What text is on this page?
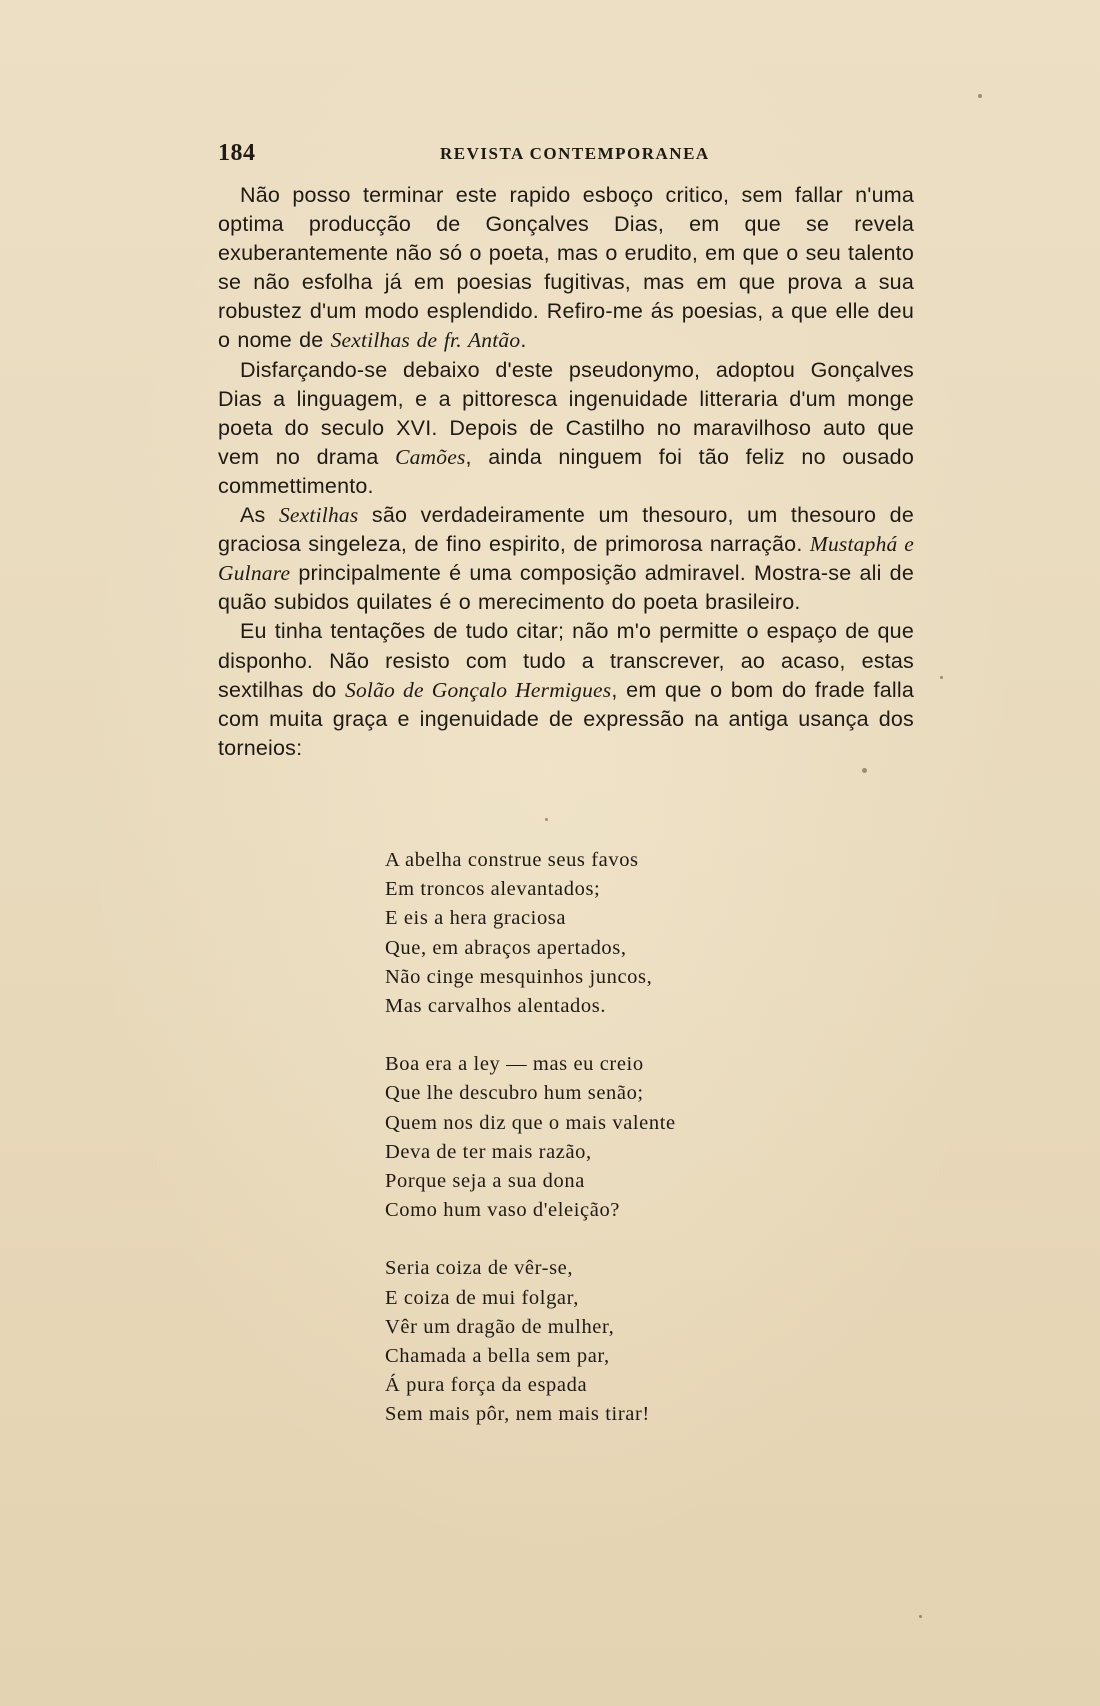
184	REVISTA CONTEMPORANEA

Não posso terminar este rapido esboço critico, sem fallar n'uma optima producção de Gonçalves Dias, em que se revela exuberantemente não só o poeta, mas o erudito, em que o seu talento se não esfolha já em poesias fugitivas, mas em que prova a sua robustez d'um modo esplendido. Refiro-me ás poesias, a que elle deu o nome de Sextilhas de fr. Antão.

Disfarçando-se debaixo d'este pseudonymo, adoptou Gonçalves Dias a linguagem, e a pittoresca ingenuidade litteraria d'um monge poeta do seculo XVI. Depois de Castilho no maravilhoso auto que vem no drama Camões, ainda ninguem foi tão feliz no ousado commettimento.

As Sextilhas são verdadeiramente um thesouro, um thesouro de graciosa singeleza, de fino espirito, de primorosa narração. Mustaphá e Gulnare principalmente é uma composição admiravel. Mostra-se ali de quão subidos quilates é o merecimento do poeta brasileiro.

Eu tinha tentações de tudo citar; não m'o permitte o espaço de que disponho. Não resisto com tudo a transcrever, ao acaso, estas sextilhas do Solão de Gonçalo Hermigues, em que o bom do frade falla com muita graça e ingenuidade de expressão na antiga usança dos torneios:

A abelha construe seus favos
Em troncos alevantados;
E eis a hera graciosa
Que, em abraços apertados,
Não cinge mesquinhos juncos,
Mas carvalhos alentados.
Boa era a ley — mas eu creio
Que lhe descubro hum senão;
Quem nos diz que o mais valente
Deva de ter mais razão,
Porque seja a sua dona
Como hum vaso d'eleição?
Seria coiza de vêr-se,
E coiza de mui folgar,
Vêr um dragão de mulher,
Chamada a bella sem par,
Á pura força da espada
Sem mais pôr, nem mais tirar!
